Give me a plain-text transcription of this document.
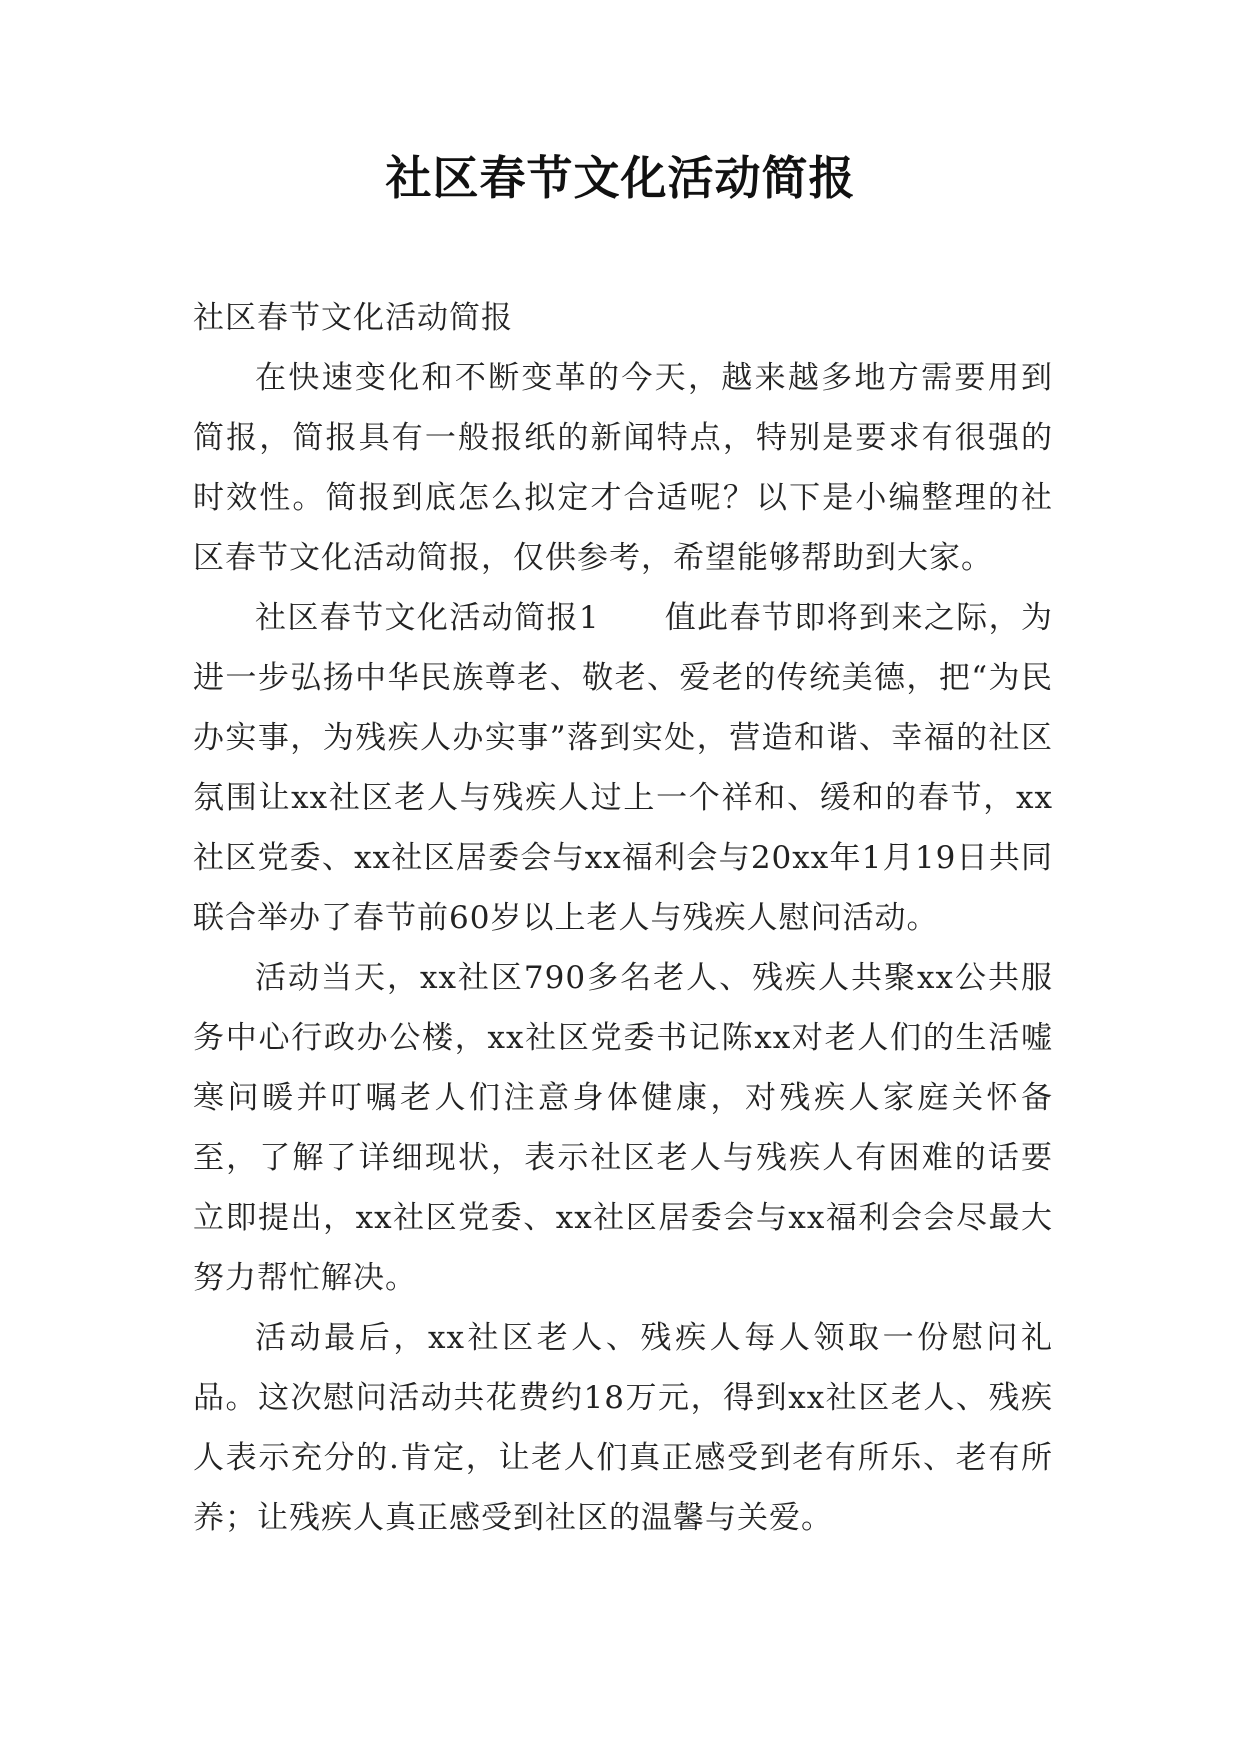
社区春节文化活动简报

社区春节文化活动简报

在快速变化和不断变革的今天，越来越多地方需要用到简报，简报具有一般报纸的新闻特点，特别是要求有很强的时效性。简报到底怎么拟定才合适呢？以下是小编整理的社区春节文化活动简报，仅供参考，希望能够帮助到大家。

社区春节文化活动简报1　　值此春节即将到来之际，为进一步弘扬中华民族尊老、敬老、爱老的传统美德，把“为民办实事，为残疾人办实事”落到实处，营造和谐、幸福的社区氛围让xx社区老人与残疾人过上一个祥和、缓和的春节，xx社区党委、xx社区居委会与xx福利会与20xx年1月19日共同联合举办了春节前60岁以上老人与残疾人慰问活动。

活动当天，xx社区790多名老人、残疾人共聚xx公共服务中心行政办公楼，xx社区党委书记陈xx对老人们的生活嘘寒问暖并叮嘱老人们注意身体健康，对残疾人家庭关怀备至，了解了详细现状，表示社区老人与残疾人有困难的话要立即提出，xx社区党委、xx社区居委会与xx福利会会尽最大努力帮忙解决。

活动最后，xx社区老人、残疾人每人领取一份慰问礼品。这次慰问活动共花费约18万元，得到xx社区老人、残疾人表示充分的.肯定，让老人们真正感受到老有所乐、老有所养；让残疾人真正感受到社区的温馨与关爱。
